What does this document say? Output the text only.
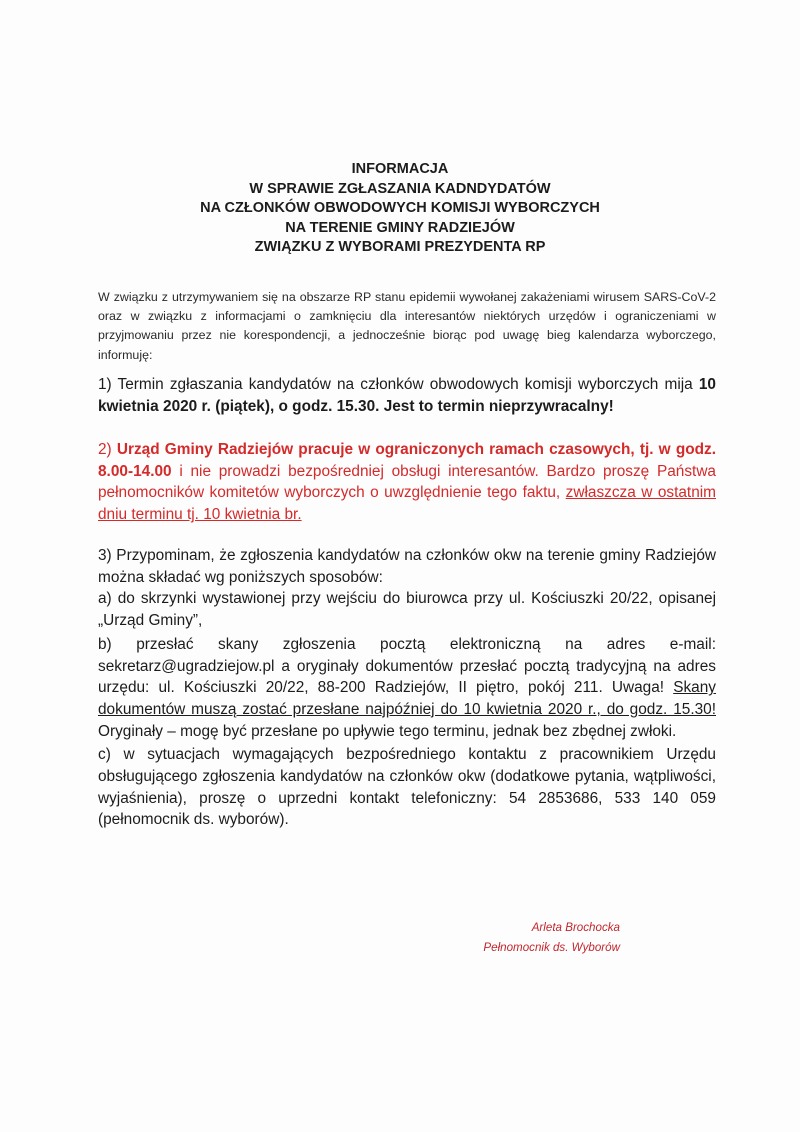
INFORMACJA
W SPRAWIE ZGŁASZANIA KADNDYDATÓW
NA CZŁONKÓW OBWODOWYCH KOMISJI WYBORCZYCH
NA TERENIE GMINY RADZIEJÓW
ZWIĄZKU Z WYBORAMI PREZYDENTA RP

W związku z utrzymywaniem się na obszarze RP stanu epidemii wywołanej zakażeniami wirusem SARS-CoV-2 oraz w związku z informacjami o zamknięciu dla interesantów niektórych urzędów i ograniczeniami w przyjmowaniu przez nie korespondencji, a jednocześnie biorąc pod uwagę bieg kalendarza wyborczego, informuję:

1) Termin zgłaszania kandydatów na członków obwodowych komisji wyborczych mija 10 kwietnia 2020 r. (piątek), o godz. 15.30. Jest to termin nieprzywracalny!

2) Urząd Gminy Radziejów pracuje w ograniczonych ramach czasowych, tj. w godz. 8.00-14.00 i nie prowadzi bezpośredniej obsługi interesantów. Bardzo proszę Państwa pełnomocników komitetów wyborczych o uwzględnienie tego faktu, zwłaszcza w ostatnim dniu terminu tj. 10 kwietnia br.

3) Przypominam, że zgłoszenia kandydatów na członków okw na terenie gminy Radziejów można składać wg poniższych sposobów:

a) do skrzynki wystawionej przy wejściu do biurowca przy ul. Kościuszki 20/22, opisanej „Urząd Gminy”,

b) przesłać skany zgłoszenia pocztą elektroniczną na adres e-mail: sekretarz@ugradziejow.pl a oryginały dokumentów przesłać pocztą tradycyjną na adres urzędu: ul. Kościuszki 20/22, 88-200 Radziejów, II piętro, pokój 211. Uwaga! Skany dokumentów muszą zostać przesłane najpóźniej do 10 kwietnia 2020 r., do godz. 15.30! Oryginały – mogę być przesłane po upływie tego terminu, jednak bez zbędnej zwłoki.

c) w sytuacjach wymagających bezpośredniego kontaktu z pracownikiem Urzędu obsługującego zgłoszenia kandydatów na członków okw (dodatkowe pytania, wątpliwości, wyjaśnienia), proszę o uprzedni kontakt telefoniczny: 54 2853686, 533 140 059 (pełnomocnik ds. wyborów).

Arleta Brochocka
Pełnomocnik ds. Wyborów
